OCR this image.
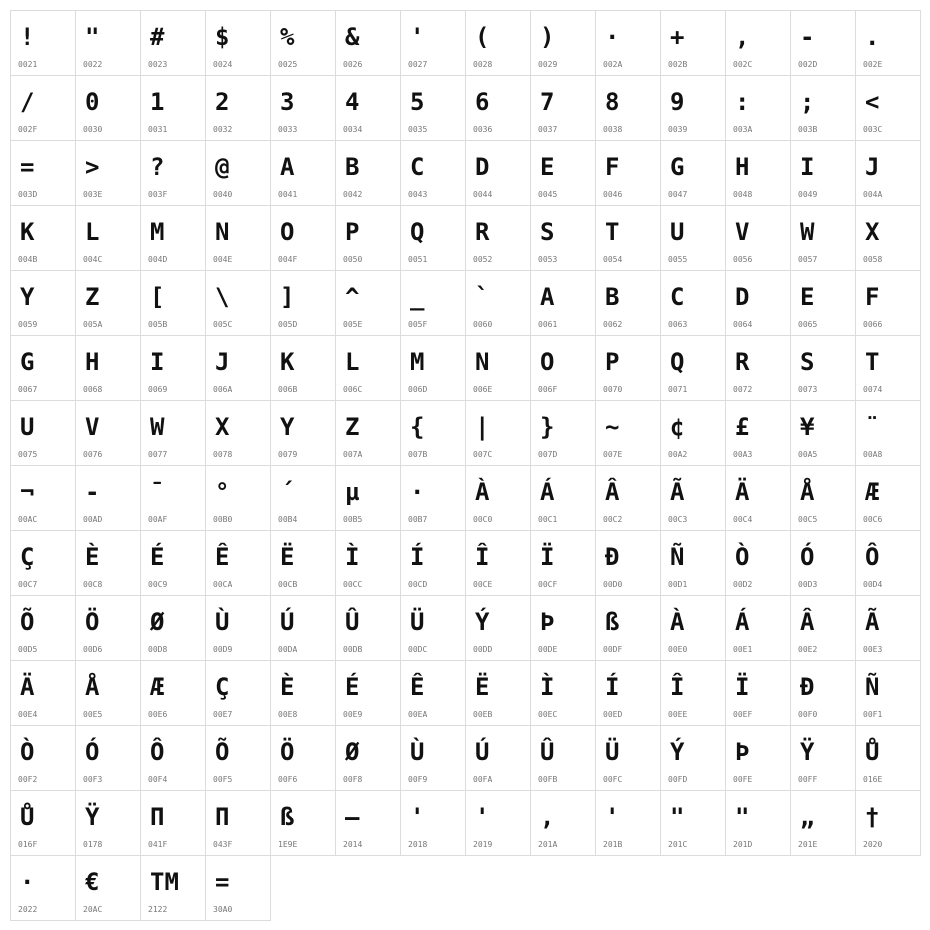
!
0021
"
0022
#
0023
$
0024
%
0025
&
0026
'
0027
(
0028
)
0029
·
002A
+
002B
,
002C
-
002D
.
002E
/
002F
0
0030
1
0031
2
0032
3
0033
4
0034
5
0035
6
0036
7
0037
8
0038
9
0039
:
003A
;
003B
<
003C
=
003D
>
003E
?
003F
@
0040
A
0041
B
0042
C
0043
D
0044
E
0045
F
0046
G
0047
H
0048
I
0049
J
004A
K
004B
L
004C
M
004D
N
004E
O
004F
P
0050
Q
0051
R
0052
S
0053
T
0054
U
0055
V
0056
W
0057
X
0058
Y
0059
Z
005A
[
005B
\
005C
]
005D
^
005E
_
005F
`
0060
A
0061
B
0062
C
0063
D
0064
E
0065
F
0066
G
0067
H
0068
I
0069
J
006A
K
006B
L
006C
M
006D
N
006E
O
006F
P
0070
Q
0071
R
0072
S
0073
T
0074
U
0075
V
0076
W
0077
X
0078
Y
0079
Z
007A
{
007B
|
007C
}
007D
~
007E
¢
00A2
£
00A3
¥
00A5
¨
00A8
¬
00AC
-
00AD
¯
00AF
°
00B0
´
00B4
µ
00B5
·
00B7
À
00C0
Á
00C1
Â
00C2
Ã
00C3
Ä
00C4
Å
00C5
Æ
00C6
Ç
00C7
È
00C8
É
00C9
Ê
00CA
Ë
00CB
Ì
00CC
Í
00CD
Î
00CE
Ï
00CF
Ð
00D0
Ñ
00D1
Ò
00D2
Ó
00D3
Ô
00D4
Õ
00D5
Ö
00D6
Ø
00D8
Ù
00D9
Ú
00DA
Û
00DB
Ü
00DC
Ý
00DD
Þ
00DE
ß
00DF
À
00E0
Á
00E1
Â
00E2
Ã
00E3
Ä
00E4
Å
00E5
Æ
00E6
Ç
00E7
È
00E8
É
00E9
Ê
00EA
Ë
00EB
Ì
00EC
Í
00ED
Î
00EE
Ï
00EF
Ð
00F0
Ñ
00F1
Ò
00F2
Ó
00F3
Ô
00F4
Õ
00F5
Ö
00F6
Ø
00F8
Ù
00F9
Ú
00FA
Û
00FB
Ü
00FC
Ý
00FD
Þ
00FE
Ÿ
00FF
Ů
016E
Ů
016F
Ÿ
0178
П
041F
П
043F
ß
1E9E
—
2014
'
2018
'
2019
,
201A
'
201B
"
201C
"
201D
„
201E
†
2020
·
2022
€
20AC
TM
2122
=
30A0
